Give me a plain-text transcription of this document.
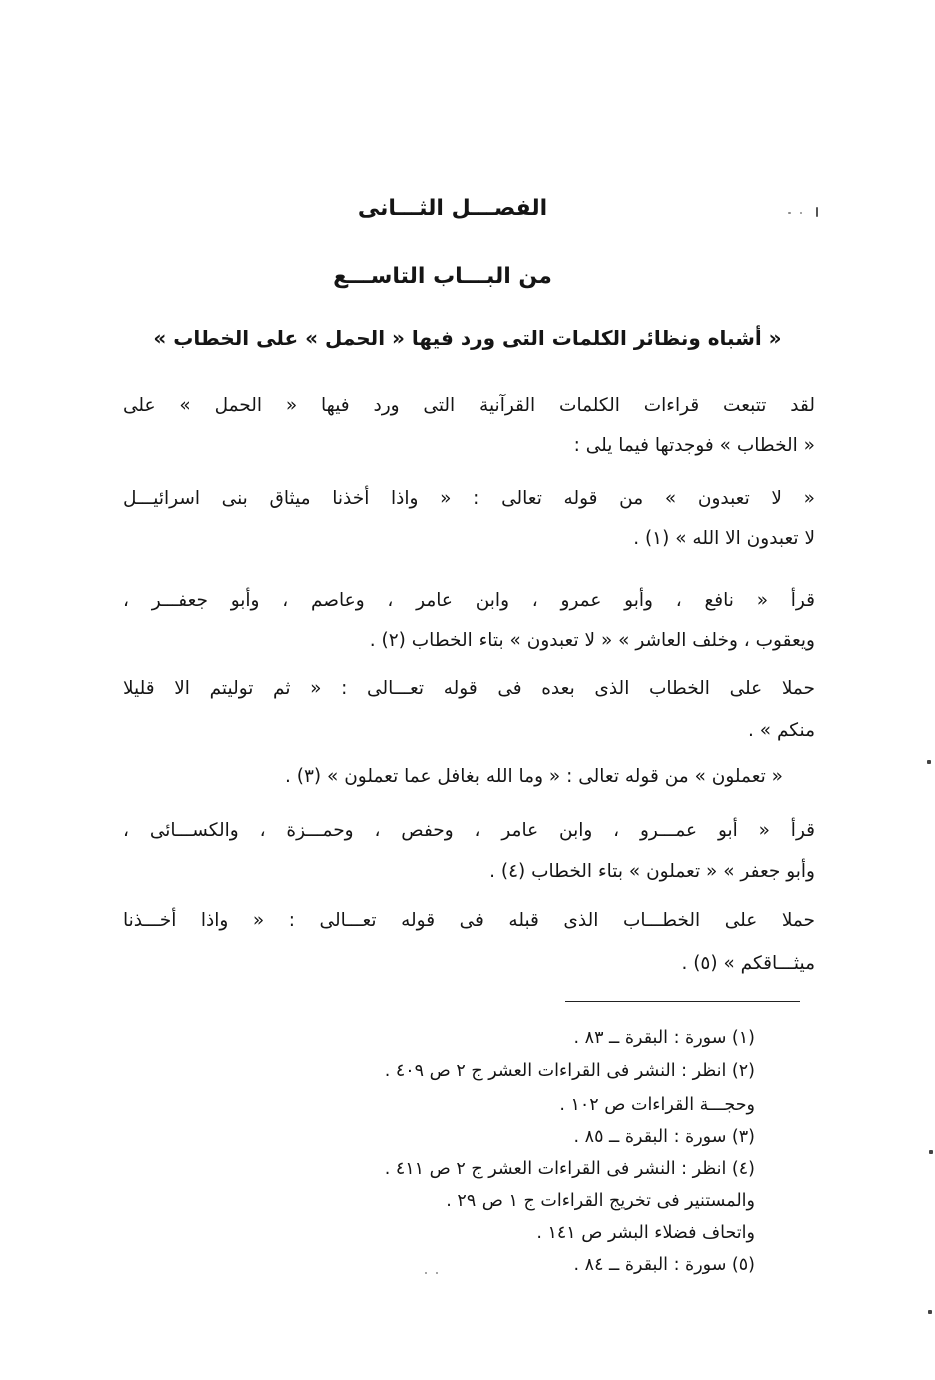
الفصـــل الثـــانى
من البـــاب التاســـع
« أشباه ونظائر الكلمات التى ورد فيها « الحمل » على الخطاب »
لقد تتبعت قراءات الكلمات القرآنية التى ورد فيها « الحمل » على
« الخطاب » فوجدتها فيما يلى :
« لا تعبدون » من قوله تعالى : « واذا أخذنا ميثاق بنى اسرائيـــل
لا تعبدون الا الله » (١) .
قرأ « نافع ، وأبو عمرو ، وابن عامر ، وعاصم ، وأبو جعفـــر ،
ويعقوب ، وخلف العاشر » « لا تعبدون » بتاء الخطاب (٢) .
حملا على الخطاب الذى بعده فى قوله تعـــالى : « ثم توليتم الا قليلا
منكم » .
« تعملون » من قوله تعالى : « وما الله بغافل عما تعملون » (٣) .
قرأ « أبو عمـــرو ، وابن عامر ، وحفص ، وحمـــزة ، والكســـائى ،
وأبو جعفر » « تعملون » بتاء الخطاب (٤) .
حملا على الخطـــاب الذى قبله فى قوله تعـــالى : « واذا أخـــذنا
ميثـــاقكم » (٥) .
(١) سورة : البقرة ــ ٨٣ .
(٢) انظر : النشر فى القراءات العشر ج ٢ ص ٤٠٩ .
وحجـــة القراءات ص ١٠٢ .
(٣) سورة : البقرة ــ ٨٥ .
(٤) انظر : النشر فى القراءات العشر ج ٢ ص ٤١١ .
والمستنير فى تخريج القراءات ج ١ ص ٢٩ .
واتحاف فضلاء البشر ص ١٤١ .
(٥) سورة : البقرة ــ ٨٤ .
